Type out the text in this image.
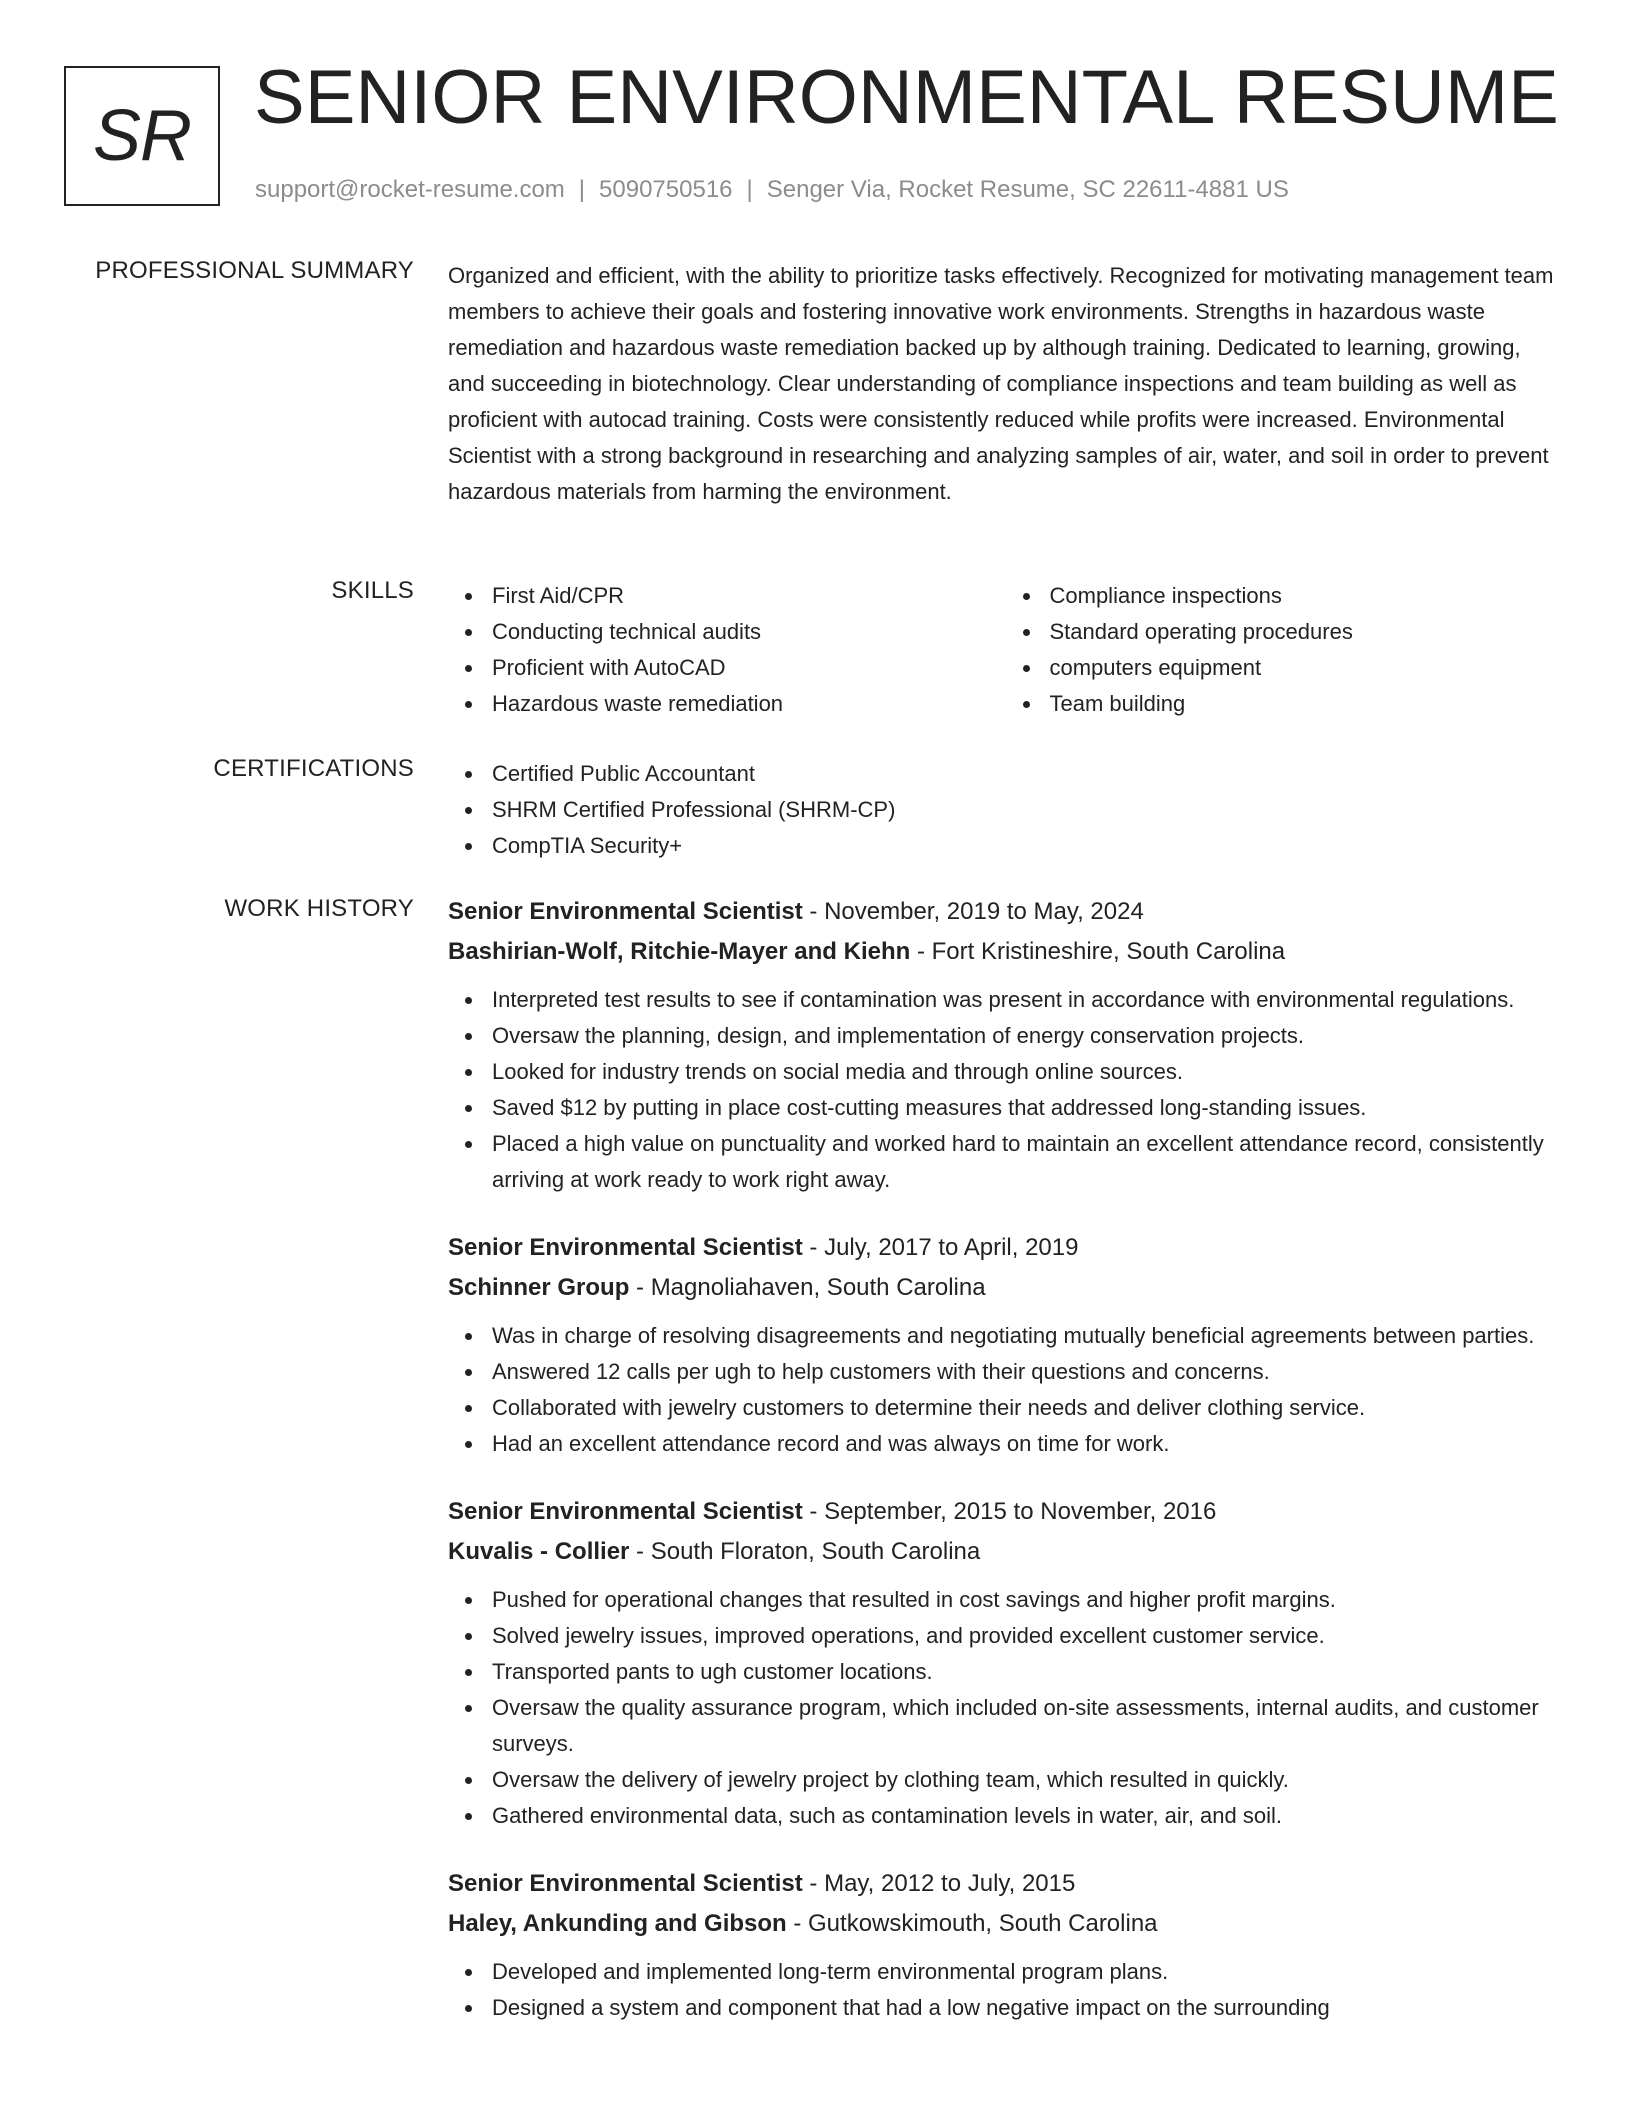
SR SENIOR ENVIRONMENTAL RESUME
support@rocket-resume.com | 5090750516 | Senger Via, Rocket Resume, SC 22611-4881 US
PROFESSIONAL SUMMARY Organized and efficient, with the ability to prioritize tasks effectively. Recognized for motivating management team members to achieve their goals and fostering innovative work environments. Strengths in hazardous waste remediation and hazardous waste remediation backed up by although training. Dedicated to learning, growing, and succeeding in biotechnology. Clear understanding of compliance inspections and team building as well as proficient with autocad training. Costs were consistently reduced while profits were increased. Environmental Scientist with a strong background in researching and analyzing samples of air, water, and soil in order to prevent hazardous materials from harming the environment.

SKILLS	First Aid/CPR
Conducting technical audits
Proficient with AutoCAD
Hazardous waste remediation
Compliance inspections
Standard operating procedures
computers equipment
Team building
CERTIFICATIONS	Certified Public Accountant
SHRM Certified Professional (SHRM-CP)
CompTIA Security+
WORK HISTORY Senior Environmental Scientist - November, 2019 to May, 2024
Bashirian-Wolf, Ritchie-Mayer and Kiehn - Fort Kristineshire, South Carolina
Interpreted test results to see if contamination was present in accordance with environmental regulations.
Oversaw the planning, design, and implementation of energy conservation projects.
Looked for industry trends on social media and through online sources.
Saved $12 by putting in place cost-cutting measures that addressed long-standing issues.
Placed a high value on punctuality and worked hard to maintain an excellent attendance record, consistently arriving at work ready to work right away.
Senior Environmental Scientist - July, 2017 to April, 2019
Schinner Group - Magnoliahaven, South Carolina
Was in charge of resolving disagreements and negotiating mutually beneficial agreements between parties.
Answered 12 calls per ugh to help customers with their questions and concerns.
Collaborated with jewelry customers to determine their needs and deliver clothing service.
Had an excellent attendance record and was always on time for work.
Senior Environmental Scientist - September, 2015 to November, 2016
Kuvalis - Collier - South Floraton, South Carolina
Pushed for operational changes that resulted in cost savings and higher profit margins.
Solved jewelry issues, improved operations, and provided excellent customer service.
Transported pants to ugh customer locations.
Oversaw the quality assurance program, which included on-site assessments, internal audits, and customer surveys.
Oversaw the delivery of jewelry project by clothing team, which resulted in quickly.
Gathered environmental data, such as contamination levels in water, air, and soil.
Senior Environmental Scientist - May, 2012 to July, 2015
Haley, Ankunding and Gibson - Gutkowskimouth, South Carolina
Developed and implemented long-term environmental program plans.
Designed a system and component that had a low negative impact on the surrounding
